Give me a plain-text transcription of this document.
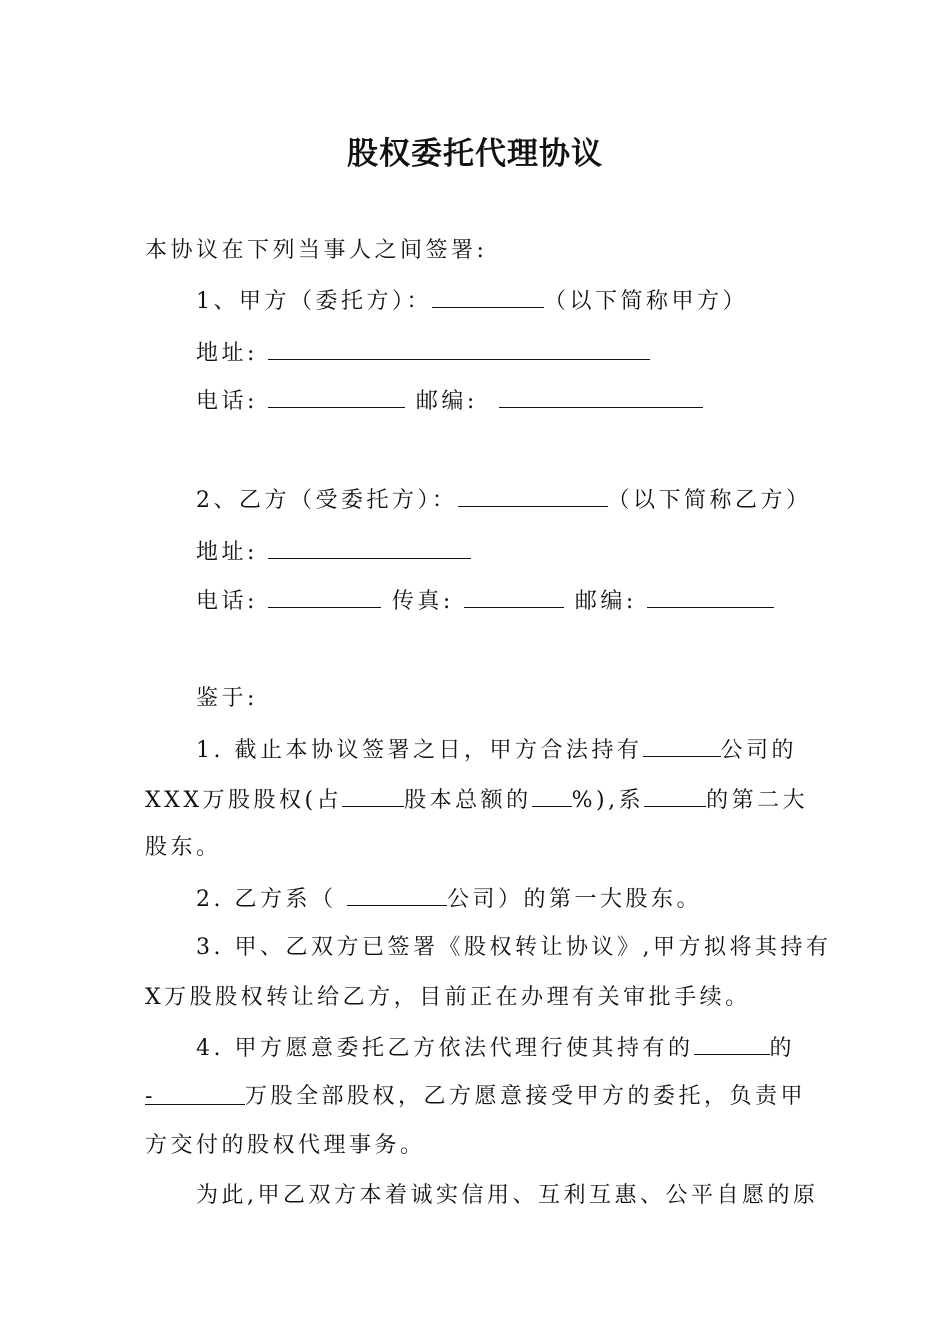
股权委托代理协议
本协议在下列当事人之间签署:
1、甲方（委托方）：	（以下简称甲方）
地址:
电话:	邮编:
2、乙方（受委托方）：	（以下简称乙方）
地址:
电话:	传真:	邮编:
鉴于:
1. 截止本协议签署之日，甲方合法持有	公司的
XXX万股股权(占	股本总额的 %),系	的第二大
股东。
2. 乙方系（	公司）的第一大股东。
3. 甲、乙双方已签署《股权转让协议》,甲方拟将其持有
X万股股权转让给乙方，目前正在办理有关审批手续。
4. 甲方愿意委托乙方依法代理行使其持有的	的
-	万股全部股权，乙方愿意接受甲方的委托，负责甲
方交付的股权代理事务。
为此,甲乙双方本着诚实信用、互利互惠、公平自愿的原
